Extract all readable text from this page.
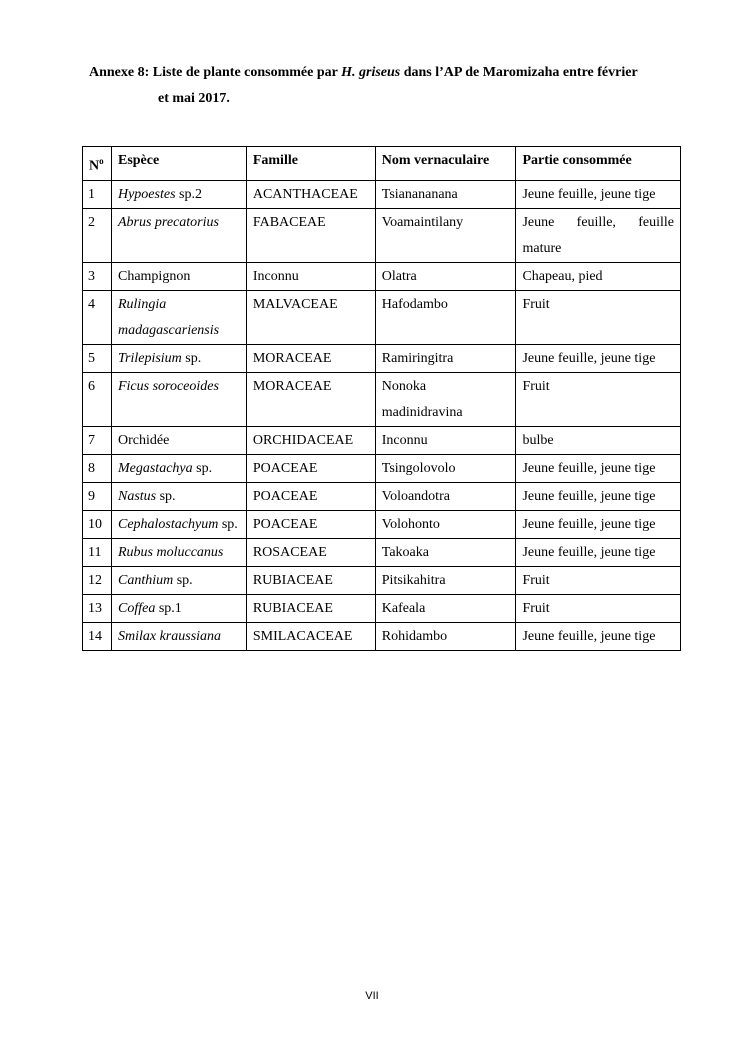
Annexe 8: Liste de plante consommée par H. griseus dans l’AP de Maromizaha entre février
et mai 2017.
$N^o$	Espèce	Famille	Nom vernaculaire	Partie consommée
1	Hypoestes sp.2	ACANTHACEAE	Tsianananana	Jeune feuille, jeune tige
2	Abrus precatorius	FABACEAE	Voamaintilany	Jeune feuille, feuille mature
3	Champignon	Inconnu	Olatra	Chapeau, pied
4	Rulingia madagascariensis	MALVACEAE	Hafodambo	Fruit
5	Trilepisium sp.	MORACEAE	Ramiringitra	Jeune feuille, jeune tige
6	Ficus soroceoides	MORACEAE	Nonoka madinidravina	Fruit
7	Orchidée	ORCHIDACEAE	Inconnu	bulbe
8	Megastachya sp.	POACEAE	Tsingolovolo	Jeune feuille, jeune tige
9	Nastus sp.	POACEAE	Voloandotra	Jeune feuille, jeune tige
10	Cephalostachyum sp.	POACEAE	Volohonto	Jeune feuille, jeune tige
11	Rubus moluccanus	ROSACEAE	Takoaka	Jeune feuille, jeune tige
12	Canthium sp.	RUBIACEAE	Pitsikahitra	Fruit
13	Coffea sp.1	RUBIACEAE	Kafeala	Fruit
14	Smilax kraussiana	SMILACACEAE	Rohidambo	Jeune feuille, jeune tige
VII
